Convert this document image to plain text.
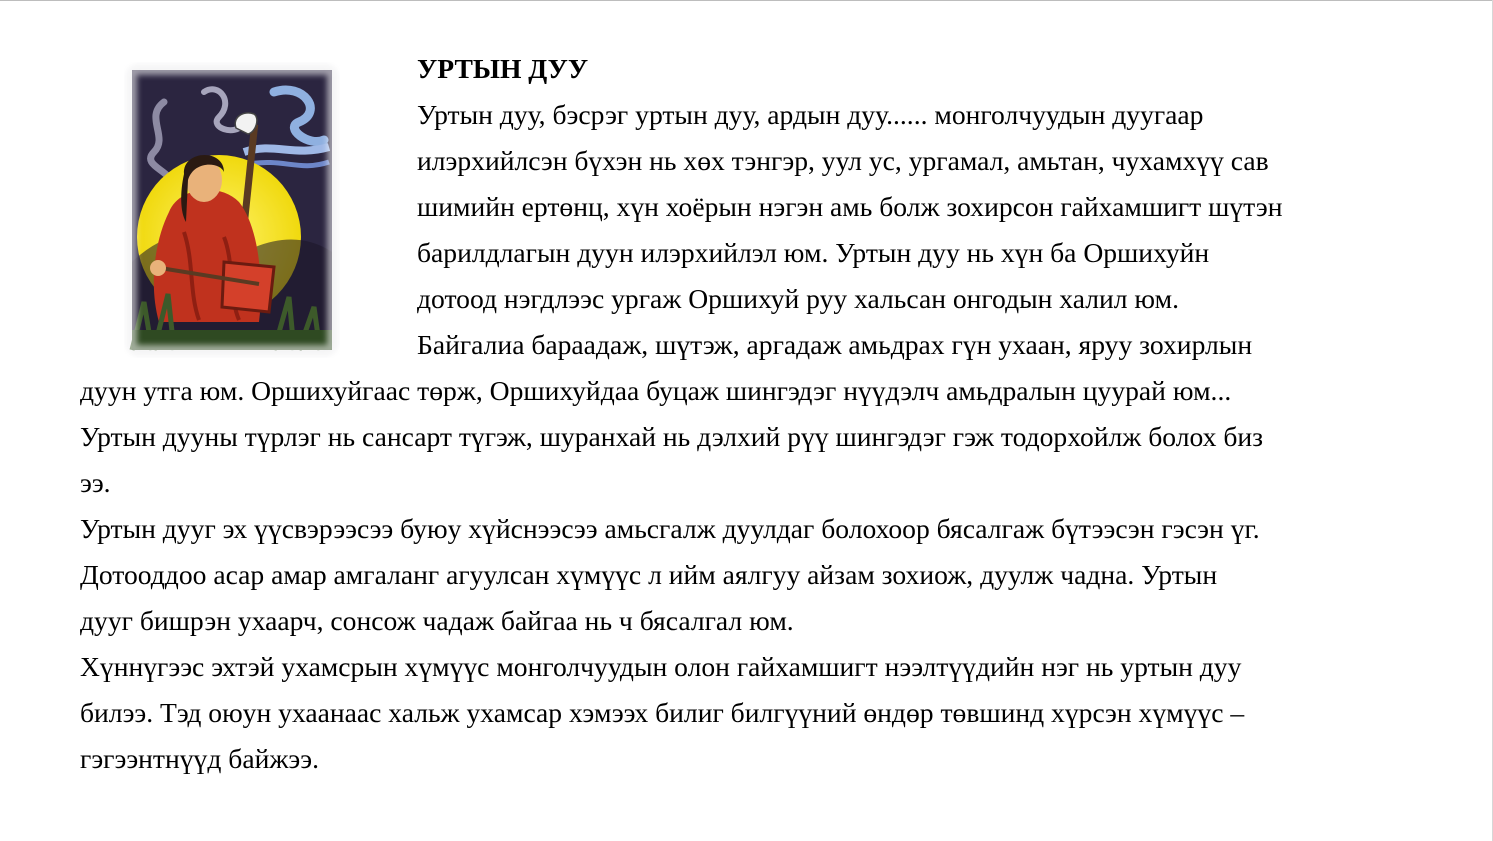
УРТЫН ДУУ
Уртын дуу, бэсрэг уртын дуу, ардын дуу...... монголчуудын дуугаар
илэрхийлсэн бүхэн нь хөх тэнгэр, уул ус, ургамал, амьтан, чухамхүү сав
шимийн ертөнц, хүн хоёрын нэгэн амь болж зохирсон гайхамшигт шүтэн
барилдлагын дуун илэрхийлэл юм. Уртын дуу нь хүн ба Оршихуйн
дотоод нэгдлээс ургаж Оршихуй руу хальсан онгодын халил юм.
Байгалиа бараадаж, шүтэж, аргадаж амьдрах гүн ухаан, яруу зохирлын
дуун утга юм. Оршихуйгаас төрж, Оршихуйдаа буцаж шингэдэг нүүдэлч амьдралын цуурай юм...
Уртын дууны түрлэг нь сансарт түгэж, шуранхай нь дэлхий рүү шингэдэг гэж тодорхойлж болох биз
ээ.
Уртын дууг эх үүсвэрээсээ буюу хүйснээсээ амьсгалж дуулдаг болохоор бясалгаж бүтээсэн гэсэн үг.
Дотооддоо асар амар амгаланг агуулсан хүмүүс л ийм аялгуу айзам зохиож, дуулж чадна. Уртын
дууг бишрэн ухаарч, сонсож чадаж байгаа нь ч бясалгал юм.
Хүннүгээс эхтэй ухамсрын хүмүүс монголчуудын олон гайхамшигт нээлтүүдийн нэг нь уртын дуу
билээ. Тэд оюун ухаанаас хальж ухамсар хэмээх билиг билгүүний өндөр төвшинд хүрсэн хүмүүс –
гэгээнтнүүд байжээ.
